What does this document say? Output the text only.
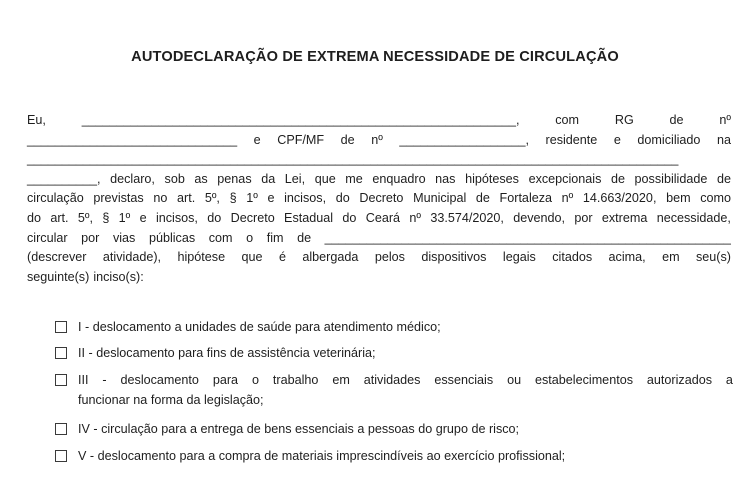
AUTODECLARAÇÃO DE EXTREMA NECESSIDADE DE CIRCULAÇÃO
Eu,	______________________________________________________________,	com	RG	de	nº
______________________________ e CPF/MF de nº __________________, residente e domiciliado na
_____________________________________________________________________________________________
__________, declaro, sob as penas da Lei, que me enquadro nas hipóteses excepcionais de possibilidade de
circulação previstas no art. 5º, § 1º e incisos, do Decreto Municipal de Fortaleza nº 14.663/2020, bem como
do art. 5º, § 1º e incisos, do Decreto Estadual do Ceará nº 33.574/2020, devendo, por extrema necessidade,
circular por vias públicas com o fim de __________________________________________________________
(descrever atividade), hipótese que é albergada pelos dispositivos legais citados acima, em seu(s)
seguinte(s) inciso(s):
I - deslocamento a unidades de saúde para atendimento médico;
II - deslocamento para fins de assistência veterinária;
III - deslocamento para o trabalho em atividades essenciais ou estabelecimentos autorizados a
funcionar na forma da legislação;
IV - circulação para a entrega de bens essenciais a pessoas do grupo de risco;
V - deslocamento para a compra de materiais imprescindíveis ao exercício profissional;
